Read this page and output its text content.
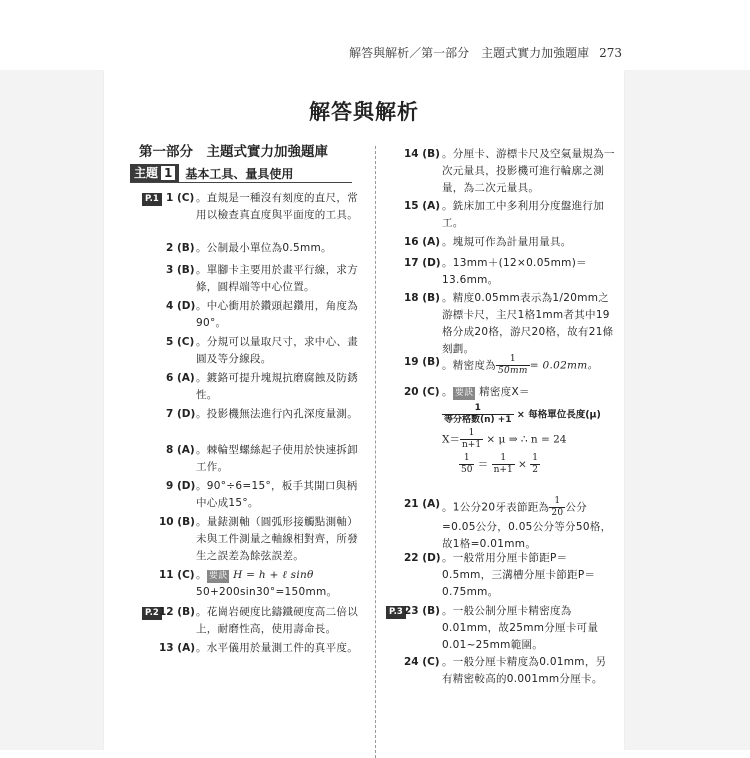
解答與解析／第一部分　主題式實力加強題庫 273
解答與解析
第一部分　主題式實力加強題庫
主題 1	基本工具、量具使用
P.1 1 (C) 。直規是一種沒有刻度的直尺，常用以檢查真直度與平面度的工具。
2 (B) 。公制最小單位為0.5mm。
3 (B) 。單腳卡主要用於畫平行線，求方條，圓桿端等中心位置。
4 (D) 。中心衝用於鑽頭起鑽用，角度為90°。
5 (C) 。分規可以量取尺寸，求中心、畫圓及等分線段。
6 (A) 。鍍鉻可提升塊規抗磨腐蝕及防銹性。
7 (D) 。投影機無法進行內孔深度量測。
8 (A) 。棘輪型螺絲起子使用於快速拆卸工作。
9 (D) 。90°÷6=15°，板手其開口與柄中心成15°。
10 (B) 。量錶測軸（圓弧形接觸點測軸）未與工件測量之軸線相對齊，所發生之誤差為餘弦誤差。
11 (C) 。 要訣 H = h + ℓ sinθ
50+200sin30°=150mm。
P.2 12 (B) 。花崗岩硬度比鑄鐵硬度高二倍以上，耐磨性高，使用壽命長。
13 (A) 。水平儀用於量測工件的真平度。
14 (B) 。分厘卡、游標卡尺及空氣量規為一次元量具，投影機可進行輪廓之測量，為二次元量具。
15 (A) 。銑床加工中多利用分度盤進行加工。
16 (A) 。塊規可作為計量用量具。
17 (D) 。13mm＋(12×0.05mm)＝13.6mm。
18 (B) 。精度0.05mm表示為1/20mm之游標卡尺，主尺1格1mm者其中19格分成20格，游尺20格，故有21條刻劃。
19 (B) 。精密度為 $\frac{1}{50mm} = 0.02mm$。
20 (C) 。 要訣 精密度X＝
$\frac{1}{\text{等分格數(n) +1}}$ × 每格單位長度(μ)
$X= \frac{1}{n+1} \times \mu$ ⇒ ∴ n = 24
$\frac{1}{50} = \frac{1}{n+1} \times \frac{1}{2}$
21 (A) 。1公分20牙表節距為 $\frac{1}{20}$ 公分
=0.05公分，0.05公分等分50格，故1格=0.01mm。
22 (D) 。一般常用分厘卡節距P＝0.5mm，三溝槽分厘卡節距P＝0.75mm。
P.3 23 (B) 。一般公制分厘卡精密度為0.01mm，故25mm分厘卡可量0.01~25mm範圍。
24 (C) 。一般分厘卡精度為0.01mm，另有精密較高的0.001mm分厘卡。
